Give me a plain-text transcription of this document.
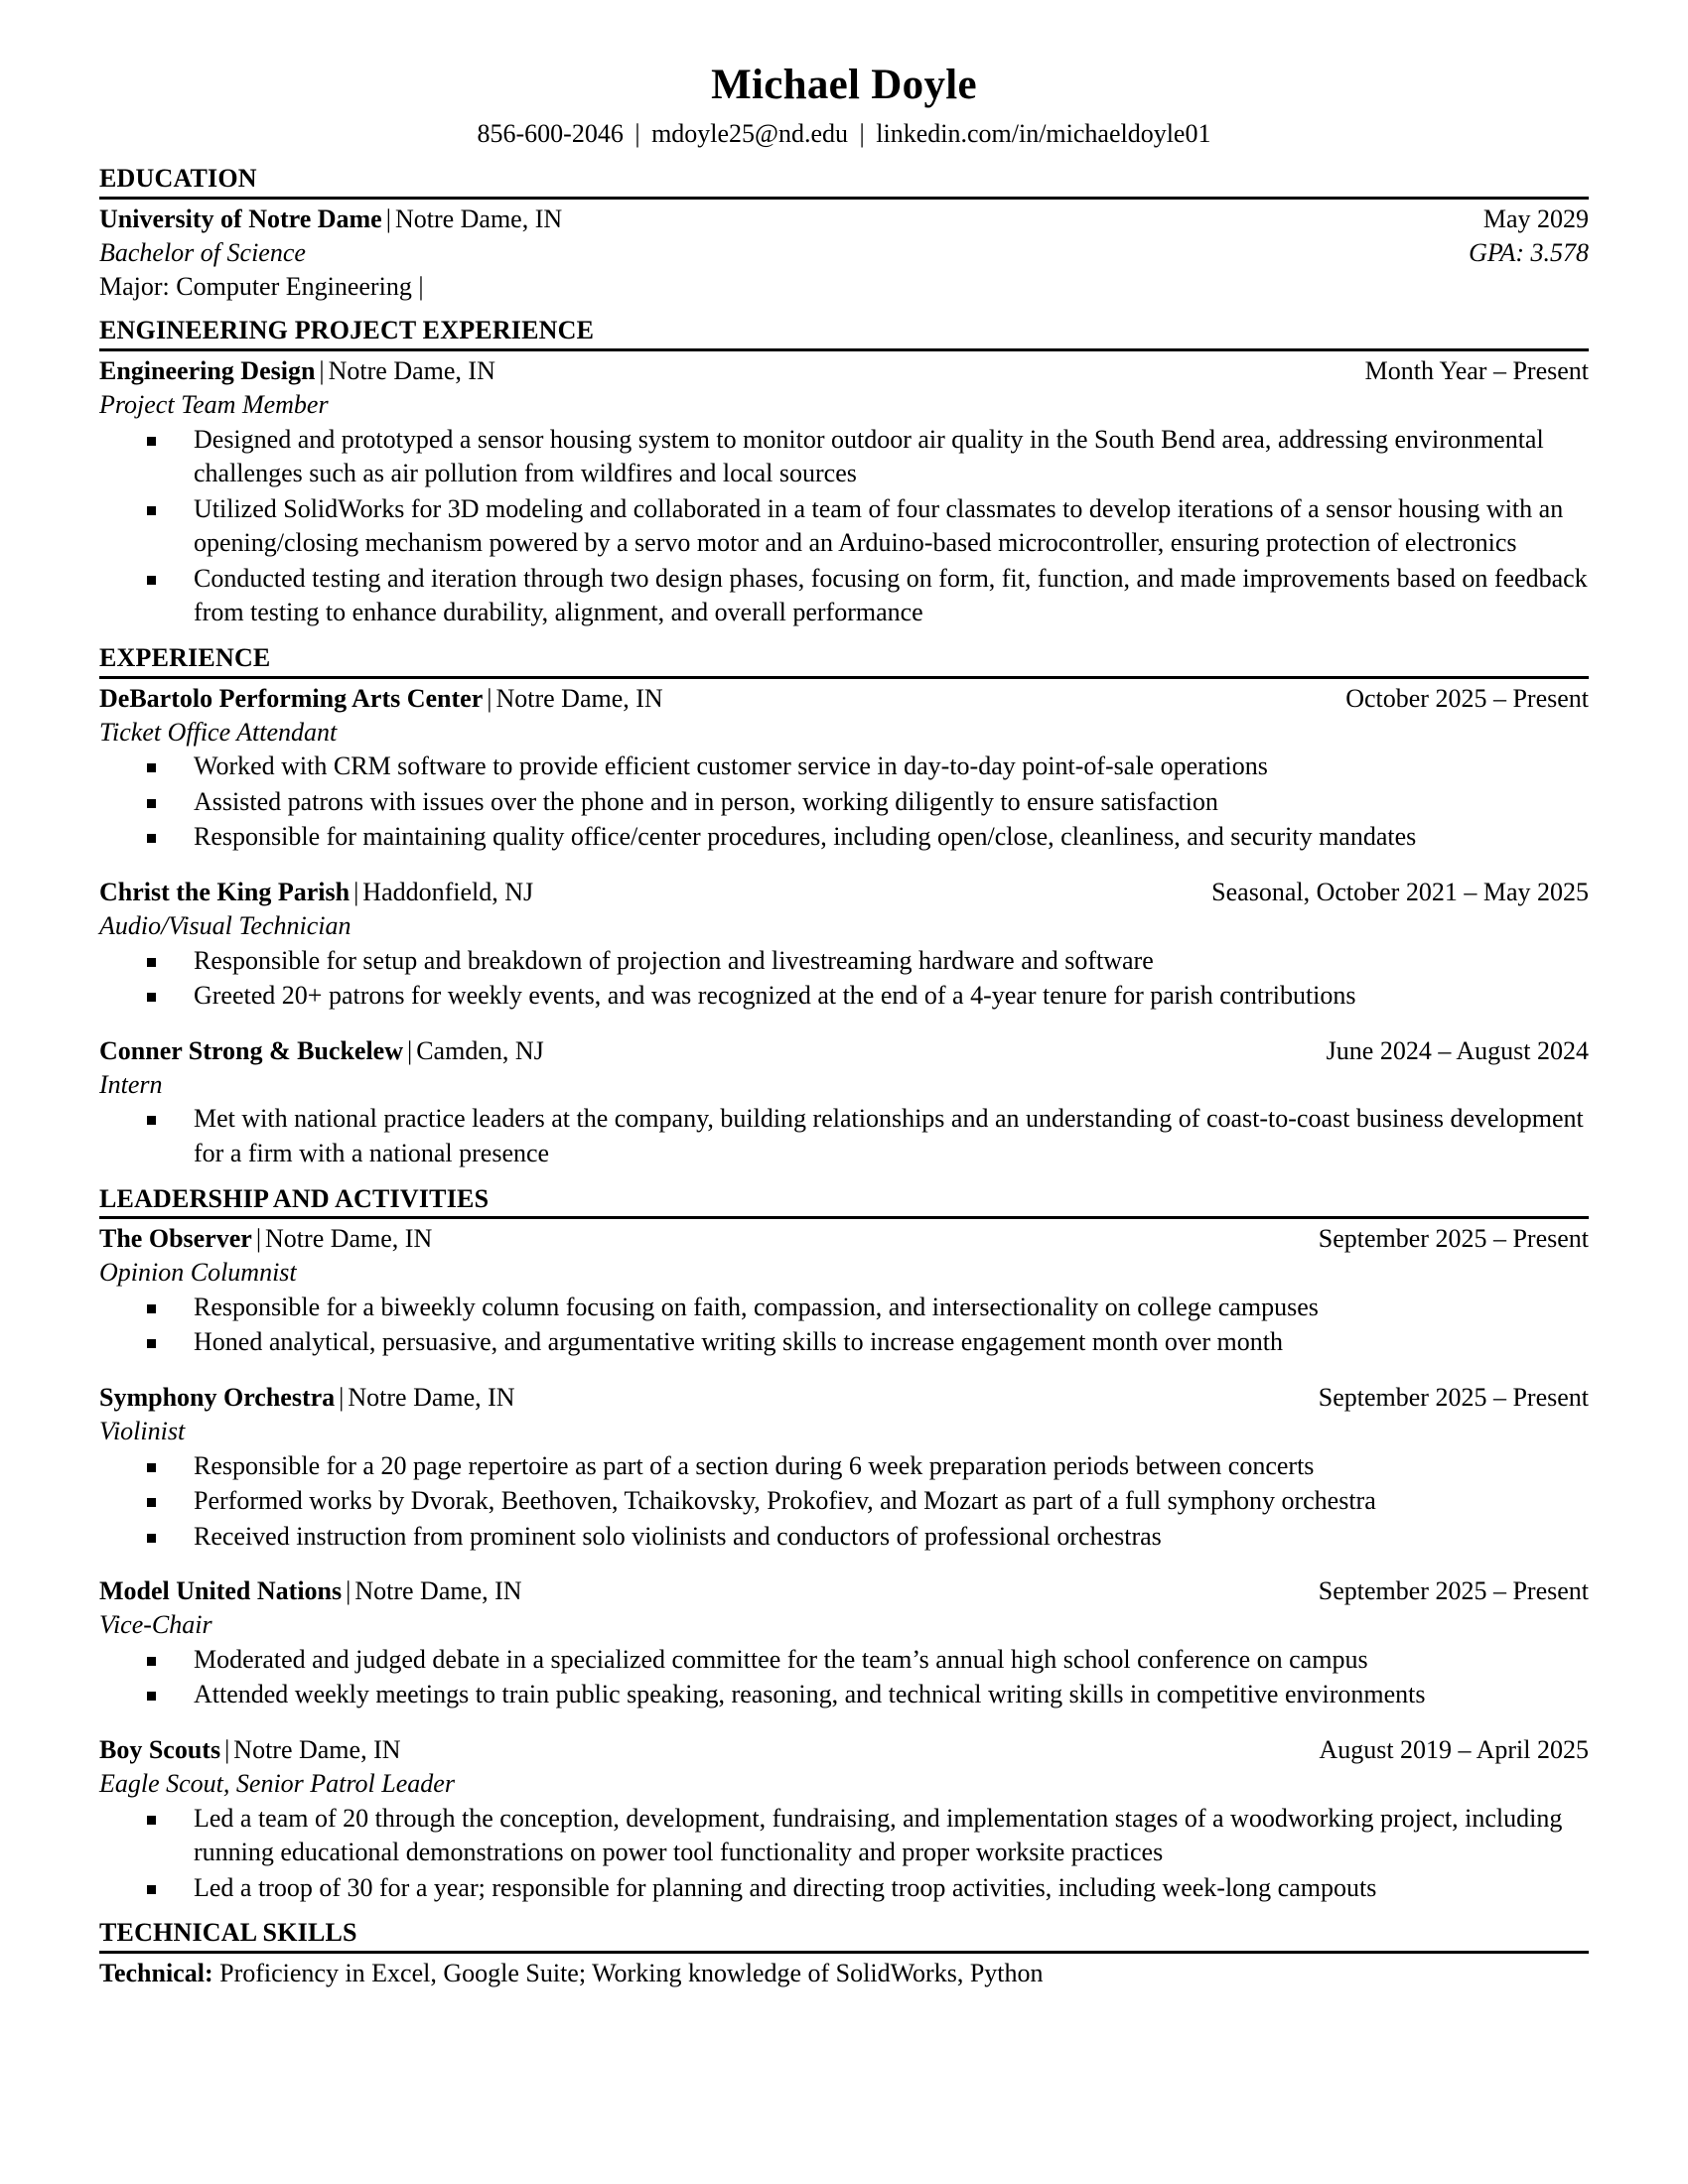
Michael Doyle
856-600-2046 | mdoyle25@nd.edu | linkedin.com/in/michaeldoyle01
EDUCATION
University of Notre Dame | Notre Dame, IN	May 2029
Bachelor of Science	GPA: 3.578
Major: Computer Engineering |
ENGINEERING PROJECT EXPERIENCE
Engineering Design | Notre Dame, IN	Month Year – Present
Project Team Member
Designed and prototyped a sensor housing system to monitor outdoor air quality in the South Bend area, addressing environmental challenges such as air pollution from wildfires and local sources
Utilized SolidWorks for 3D modeling and collaborated in a team of four classmates to develop iterations of a sensor housing with an opening/closing mechanism powered by a servo motor and an Arduino-based microcontroller, ensuring protection of electronics
Conducted testing and iteration through two design phases, focusing on form, fit, function, and made improvements based on feedback from testing to enhance durability, alignment, and overall performance
EXPERIENCE
DeBartolo Performing Arts Center | Notre Dame, IN	October 2025 – Present
Ticket Office Attendant
Worked with CRM software to provide efficient customer service in day-to-day point-of-sale operations
Assisted patrons with issues over the phone and in person, working diligently to ensure satisfaction
Responsible for maintaining quality office/center procedures, including open/close, cleanliness, and security mandates
Christ the King Parish | Haddonfield, NJ	Seasonal, October 2021 – May 2025
Audio/Visual Technician
Responsible for setup and breakdown of projection and livestreaming hardware and software
Greeted 20+ patrons for weekly events, and was recognized at the end of a 4-year tenure for parish contributions
Conner Strong & Buckelew | Camden, NJ	June 2024 – August 2024
Intern
Met with national practice leaders at the company, building relationships and an understanding of coast-to-coast business development for a firm with a national presence
LEADERSHIP AND ACTIVITIES
The Observer | Notre Dame, IN	September 2025 – Present
Opinion Columnist
Responsible for a biweekly column focusing on faith, compassion, and intersectionality on college campuses
Honed analytical, persuasive, and argumentative writing skills to increase engagement month over month
Symphony Orchestra | Notre Dame, IN	September 2025 – Present
Violinist
Responsible for a 20 page repertoire as part of a section during 6 week preparation periods between concerts
Performed works by Dvorak, Beethoven, Tchaikovsky, Prokofiev, and Mozart as part of a full symphony orchestra
Received instruction from prominent solo violinists and conductors of professional orchestras
Model United Nations | Notre Dame, IN	September 2025 – Present
Vice-Chair
Moderated and judged debate in a specialized committee for the team’s annual high school conference on campus
Attended weekly meetings to train public speaking, reasoning, and technical writing skills in competitive environments
Boy Scouts | Notre Dame, IN	August 2019 – April 2025
Eagle Scout, Senior Patrol Leader
Led a team of 20 through the conception, development, fundraising, and implementation stages of a woodworking project, including running educational demonstrations on power tool functionality and proper worksite practices
Led a troop of 30 for a year; responsible for planning and directing troop activities, including week-long campouts
TECHNICAL SKILLS
Technical: Proficiency in Excel, Google Suite; Working knowledge of SolidWorks, Python
